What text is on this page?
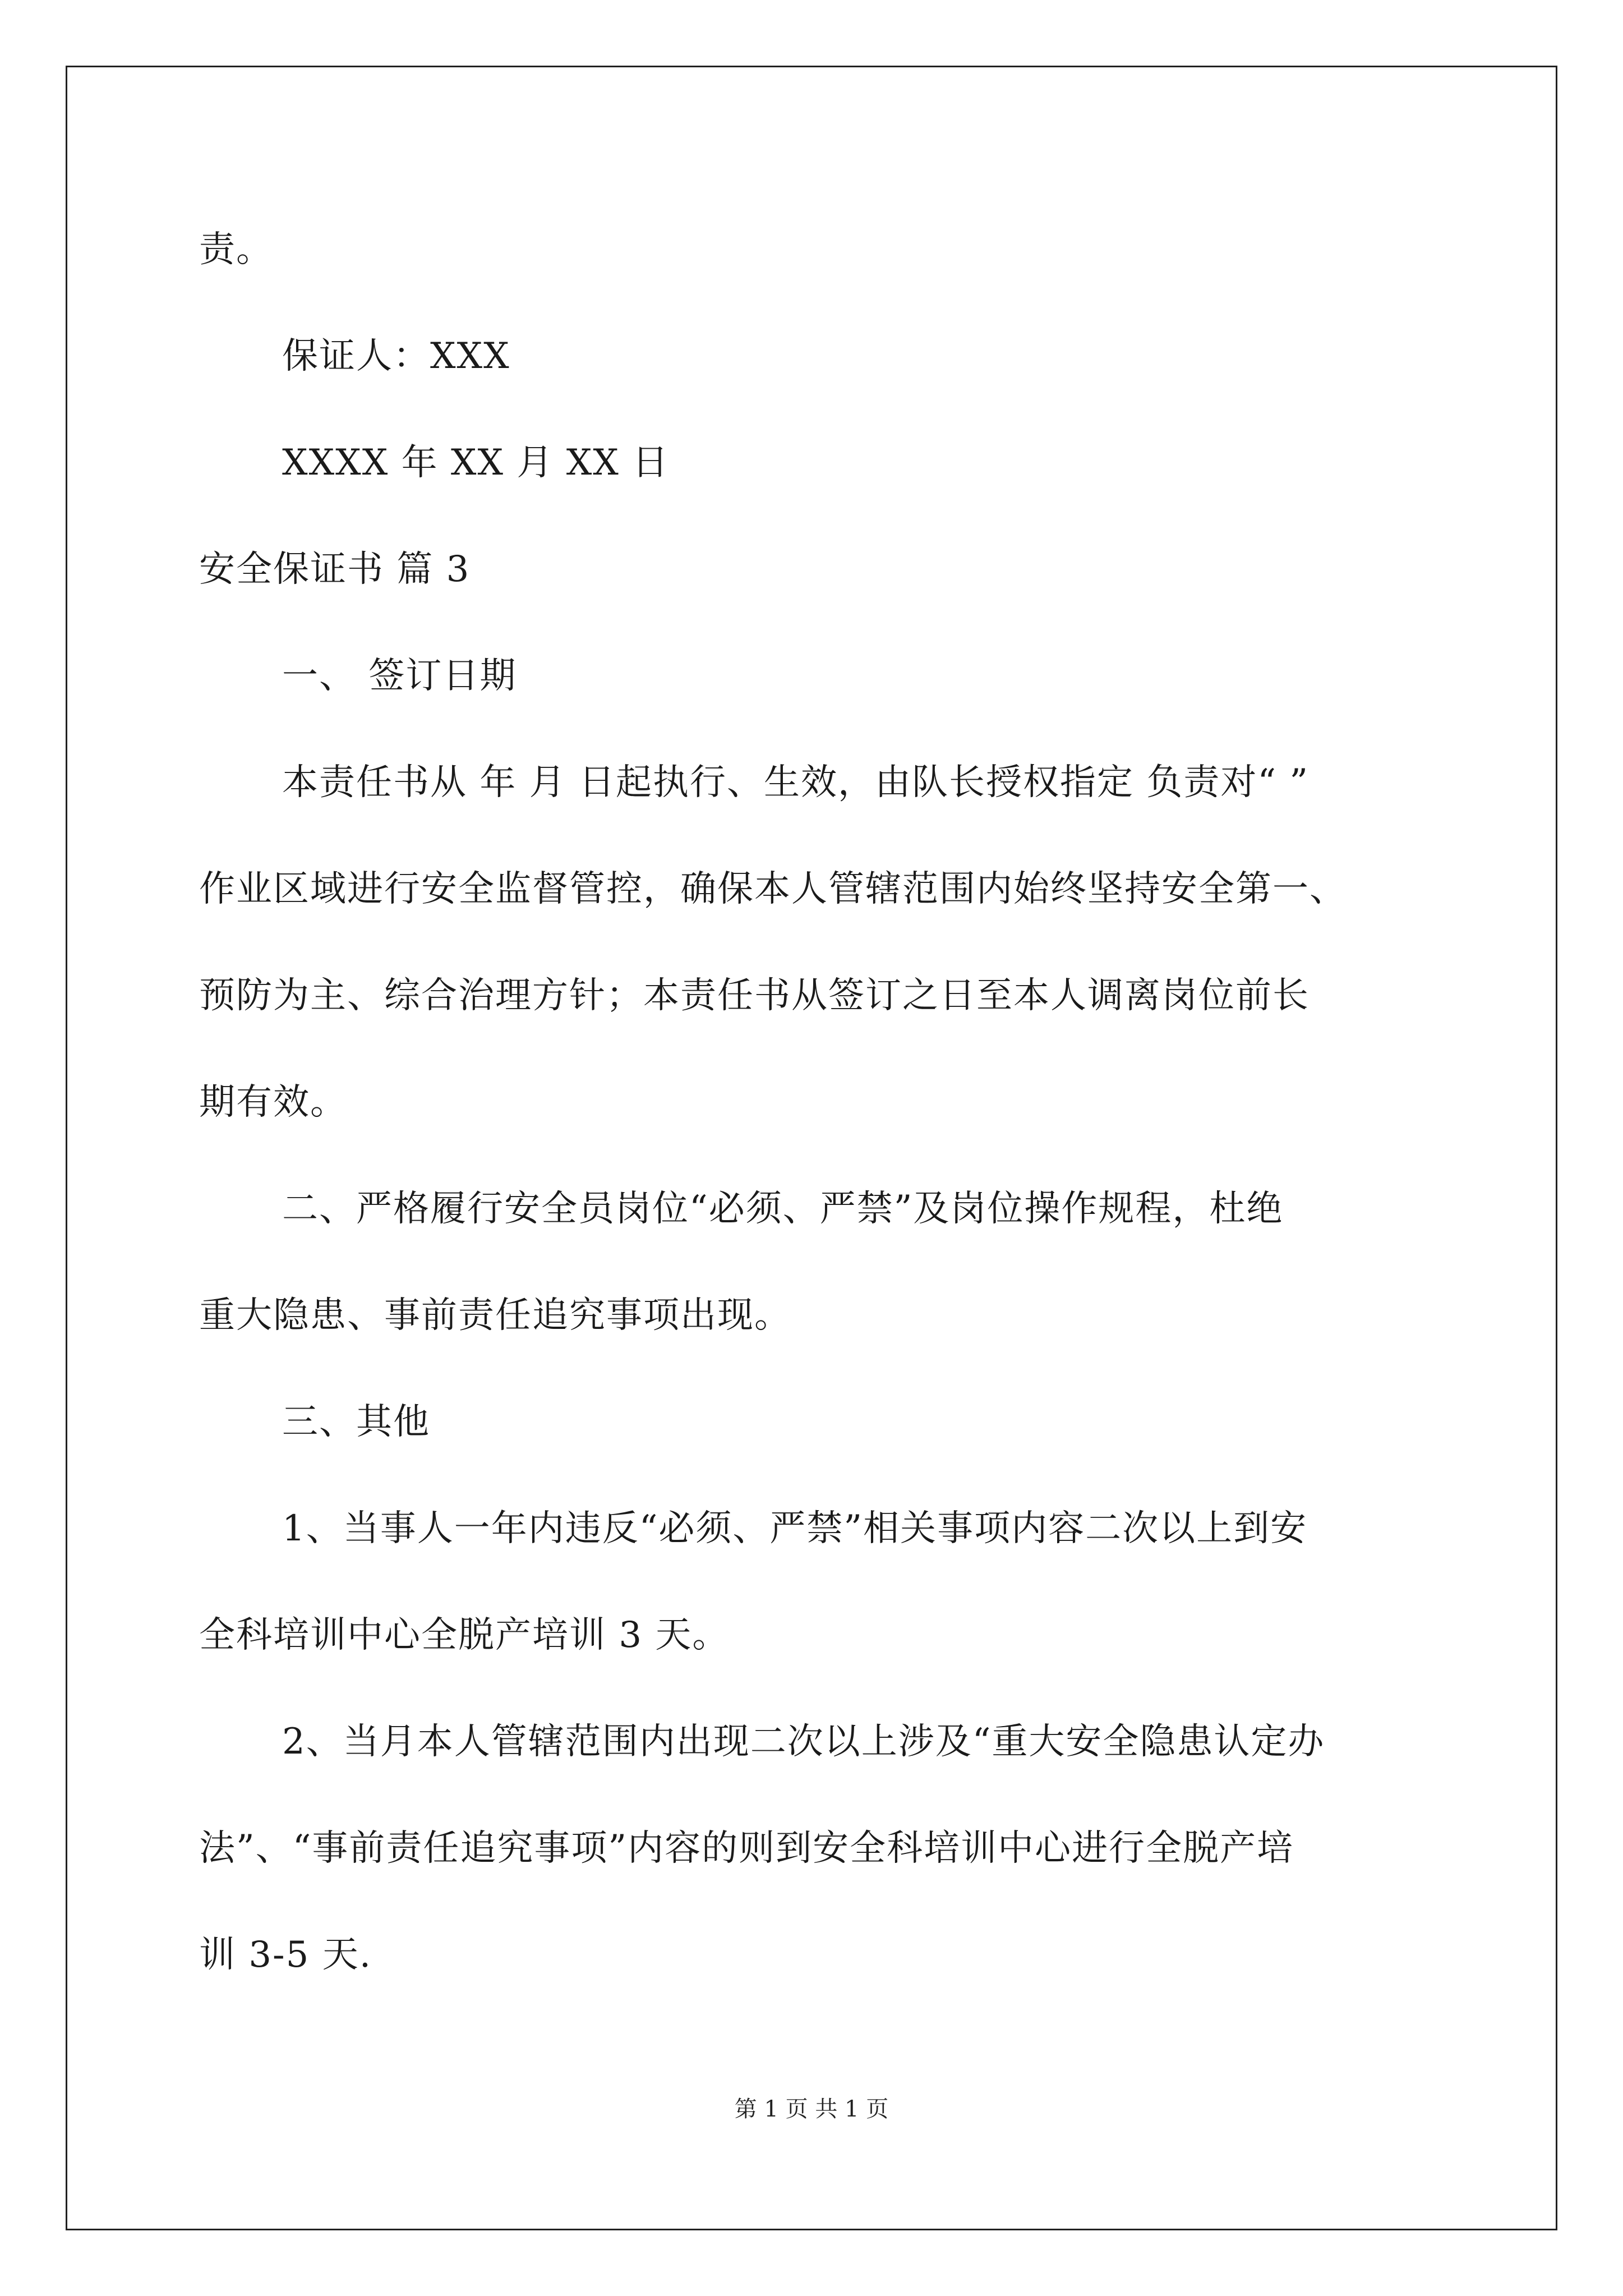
责。
保证人：XXX
XXXX 年 XX 月 XX 日
安全保证书 篇 3
一、 签订日期
本责任书从 年 月 日起执行、生效，由队长授权指定 负责对“ ”
作业区域进行安全监督管控，确保本人管辖范围内始终坚持安全第一、
预防为主、综合治理方针；本责任书从签订之日至本人调离岗位前长
期有效。
二、严格履行安全员岗位“必须、严禁”及岗位操作规程，杜绝
重大隐患、事前责任追究事项出现。
三、其他
1、当事人一年内违反“必须、严禁”相关事项内容二次以上到安
全科培训中心全脱产培训 3 天。
2、当月本人管辖范围内出现二次以上涉及“重大安全隐患认定办
法”、“事前责任追究事项”内容的则到安全科培训中心进行全脱产培
训 3-5 天.
第 1 页 共 1 页
